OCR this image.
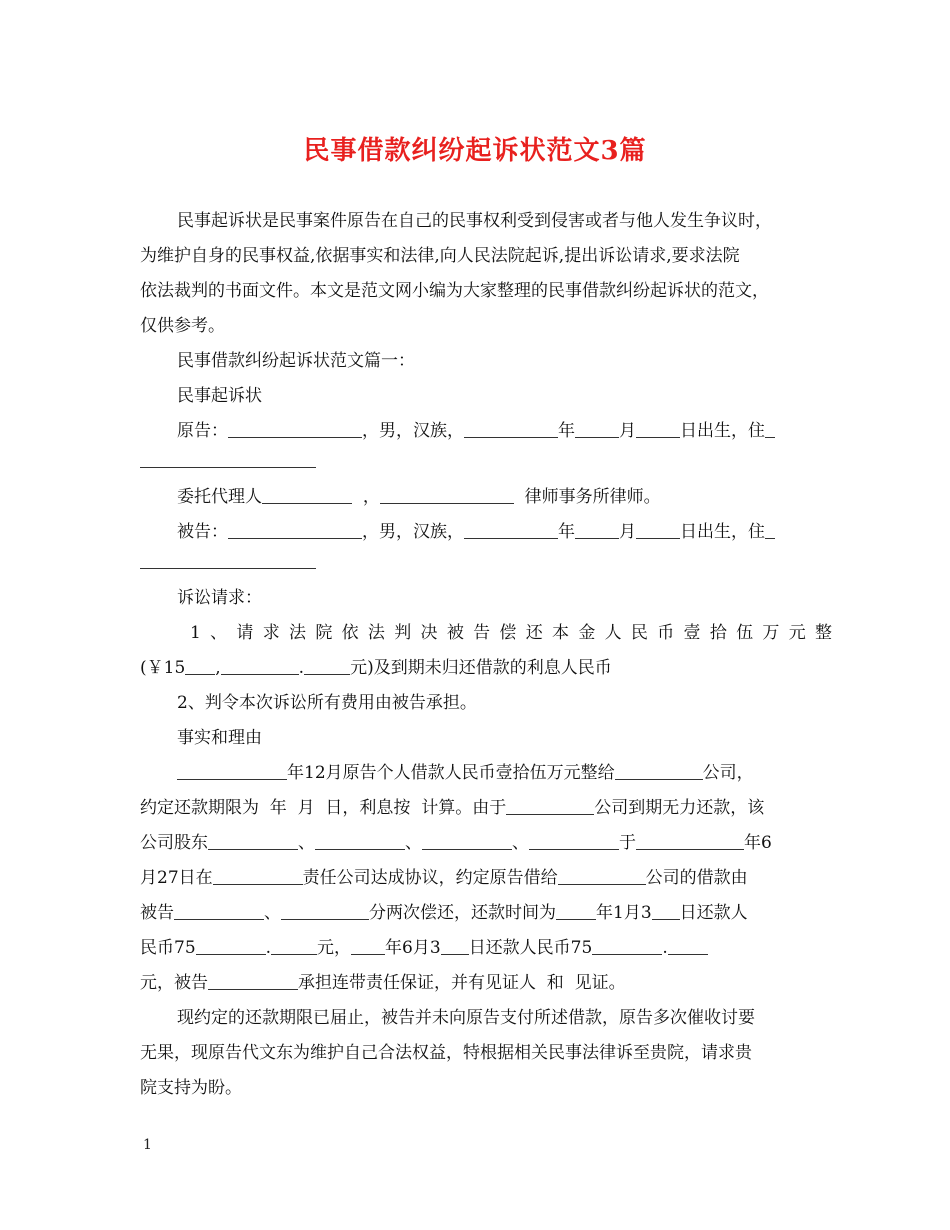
民事借款纠纷起诉状范文3篇

民事起诉状是民事案件原告在自己的民事权利受到侵害或者与他人发生争议时，

为维护自身的民事权益,依据事实和法律,向人民法院起诉,提出诉讼请求,要求法院

依法裁判的书面文件。本文是范文网小编为大家整理的民事借款纠纷起诉状的范文，

仅供参考。

民事借款纠纷起诉状范文篇一：

民事起诉状

原告：	，男，汉族，	年	月	日出生，住

委托代理人	，	律师事务所律师。

被告：	，男，汉族，	年	月	日出生，住

诉讼请求：

1、请求法院依法判决被告偿还本金人民币壹拾伍万元整

(￥15 ,	.	元)及到期未归还借款的利息人民币

2、判令本次诉讼所有费用由被告承担。

事实和理由

年12月原告个人借款人民币壹拾伍万元整给	公司，

约定还款期限为  年  月  日，利息按  计算。由于	公司到期无力还款，该

公司股东	、	、	、	于	年6

月27日在	责任公司达成协议，约定原告借给	公司的借款由

被告	、	分两次偿还，还款时间为 年1月3 日还款人

民币75	.	元， 年6月3 日还款人民币75	.

元，被告	承担连带责任保证，并有见证人  和  见证。

现约定的还款期限已届止，被告并未向原告支付所述借款，原告多次催收讨要

无果，现原告代文东为维护自己合法权益，特根据相关民事法律诉至贵院，请求贵

院支持为盼。

1
